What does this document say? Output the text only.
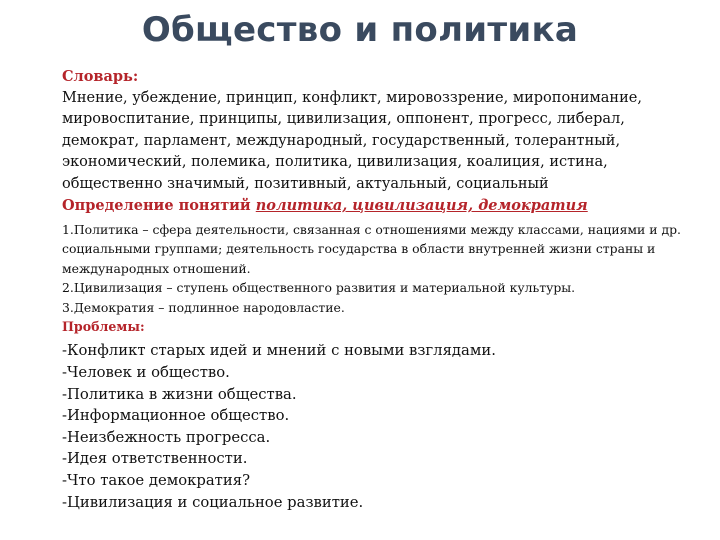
Общество и политика
Словарь:
Мнение, убеждение, принцип, конфликт, мировоззрение, миропонимание, мировоспитание, принципы, цивилизация, оппонент, прогресс, либерал, демократ, парламент, международный, государственный, толерантный, экономический, полемика, политика, цивилизация, коалиция, истина, общественно значимый, позитивный, актуальный, социальный
Определение понятий политика, цивилизация, демократия
1.Политика – сфера деятельности, связанная с отношениями между классами, нациями и др. социальными группами; деятельность государства в области внутренней жизни страны и международных отношений.
2.Цивилизация – ступень общественного развития и материальной культуры.
3.Демократия – подлинное народовластие.
Проблемы:
-Конфликт старых идей и мнений с новыми взглядами.
-Человек и общество.
-Политика в жизни общества.
-Информационное общество.
-Неизбежность прогресса.
-Идея ответственности.
-Что такое демократия?
-Цивилизация и социальное развитие.
